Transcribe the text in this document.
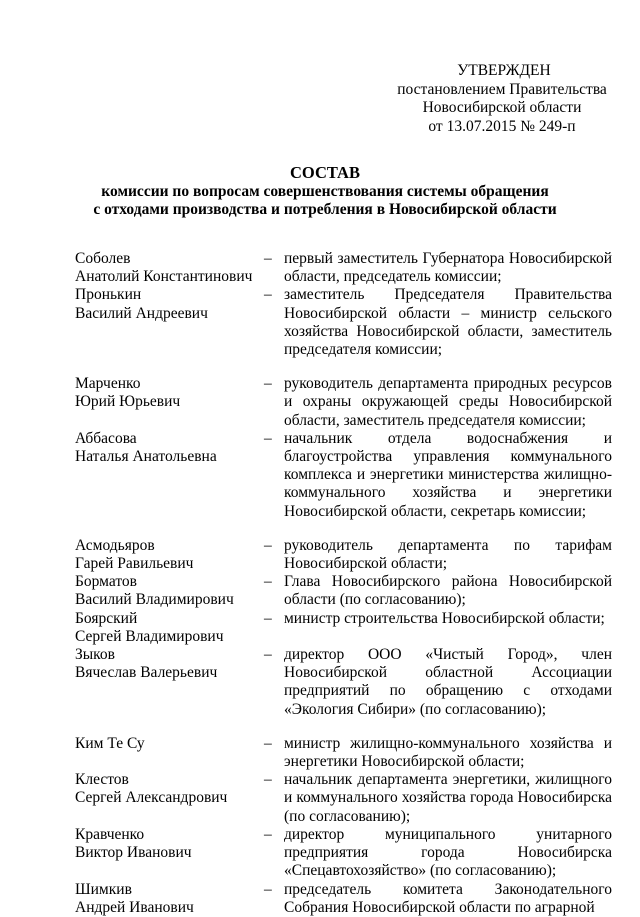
УТВЕРЖДЕН
постановлением Правительства
Новосибирской области
от 13.07.2015 № 249-п
СОСТАВ
комиссии по вопросам совершенствования системы обращения
с отходами производства и потребления в Новосибирской области
Соболев
Анатолий Константинович
– первый заместитель Губернатора Новосибирской области, председатель комиссии;
Пронькин
Василий Андреевич
– заместитель Председателя Правительства Новосибирской области – министр сельского хозяйства Новосибирской области, заместитель председателя комиссии;
Марченко
Юрий Юрьевич
– руководитель департамента природных ресурсов и охраны окружающей среды Новосибирской области, заместитель председателя комиссии;
Аббасова
Наталья Анатольевна
– начальник отдела водоснабжения и благоустройства управления коммунального комплекса и энергетики министерства жилищно-коммунального хозяйства и энергетики Новосибирской области, секретарь комиссии;
Асмодьяров
Гарей Равильевич
– руководитель департамента по тарифам Новосибирской области;
Борматов
Василий Владимирович
– Глава Новосибирского района Новосибирской области (по согласованию);
Боярский
Сергей Владимирович
– министр строительства Новосибирской области;
Зыков
Вячеслав Валерьевич
– директор ООО «Чистый Город», член Новосибирской областной Ассоциации предприятий по обращению с отходами «Экология Сибири» (по согласованию);
Ким Те Су	– министр жилищно-коммунального хозяйства и энергетики Новосибирской области;
Клестов
Сергей Александрович
– начальник департамента энергетики, жилищного и коммунального хозяйства города Новосибирска (по согласованию);
Кравченко
Виктор Иванович
– директор муниципального унитарного предприятия города Новосибирска «Спецавтохозяйство» (по согласованию);
Шимкив
Андрей Иванович
– председатель комитета Законодательного Собрания Новосибирской области по аграрной
